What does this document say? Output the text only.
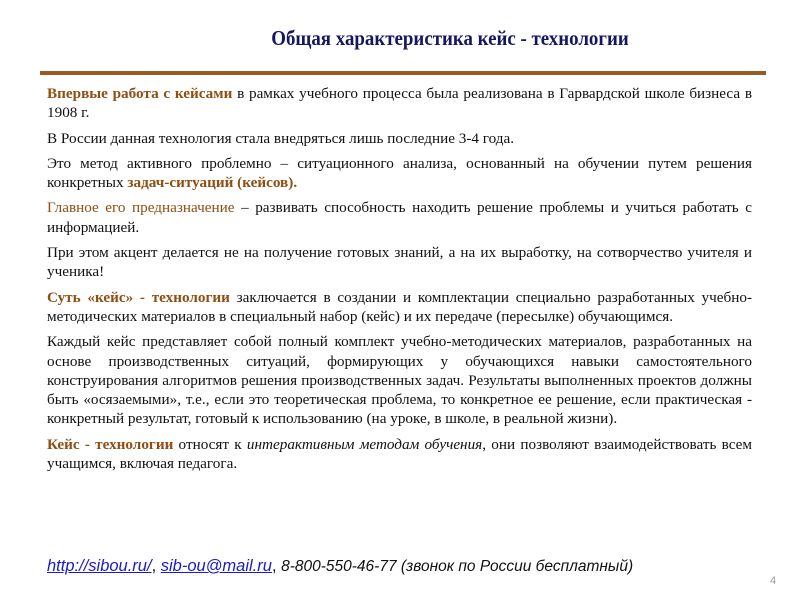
Общая характеристика кейс - технологии

Впервые работа с кейсами в рамках учебного процесса была реализована в Гарвардской школе бизнеса в 1908 г.

В России данная технология стала внедряться лишь последние 3-4 года.

Это метод активного проблемно – ситуационного анализа, основанный на обучении путем решения конкретных задач-ситуаций (кейсов).

Главное его предназначение – развивать способность находить решение проблемы и учиться работать с информацией.

При этом акцент делается не на получение готовых знаний, а на их выработку, на сотворчество учителя и ученика!

Суть «кейс» - технологии заключается в создании и комплектации специально разработанных учебно-методических материалов в специальный набор (кейс) и их передаче (пересылке) обучающимся.

Каждый кейс представляет собой полный комплект учебно-методических материалов, разработанных на основе производственных ситуаций, формирующих у обучающихся навыки самостоятельного конструирования алгоритмов решения производственных задач. Результаты выполненных проектов должны быть «осязаемыми», т.е., если это теоретическая проблема, то конкретное ее решение, если практическая - конкретный результат, готовый к использованию (на уроке, в школе, в реальной жизни).

Кейс - технологии относят к интерактивным методам обучения, они позволяют взаимодействовать всем учащимся, включая педагога.

http://sibou.ru/, sib-ou@mail.ru, 8-800-550-46-77 (звонок по России бесплатный)
4
